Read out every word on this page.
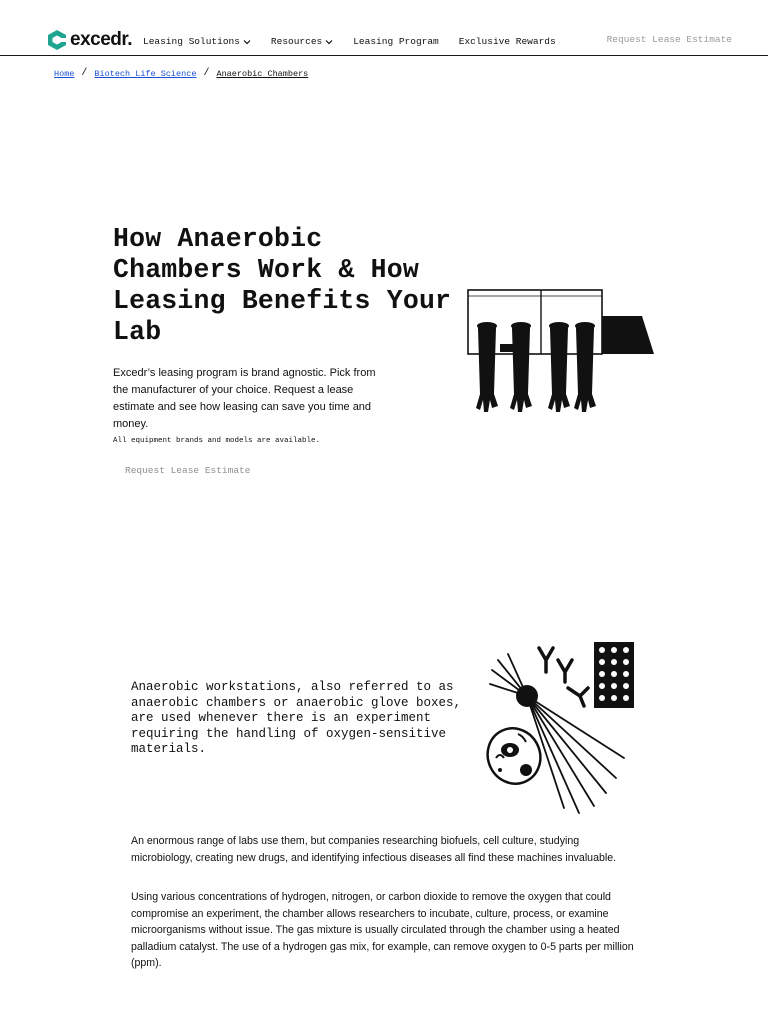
excedr. Leasing Solutions	Resources	Leasing Program Exclusive Rewards	Request Lease Estimate
Home / Biotech Life Science / Anaerobic Chambers
How Anaerobic Chambers Work & How Leasing Benefits Your Lab

Excedr’s leasing program is brand agnostic. Pick from the manufacturer of your choice. Request a lease estimate and see how leasing can save you time and money.

All equipment brands and models are available.

Request Lease Estimate

Anaerobic workstations, also referred to as anaerobic chambers or anaerobic glove boxes, are used whenever there is an experiment requiring the handling of oxygen-sensitive materials.

An enormous range of labs use them, but companies researching biofuels, cell culture, studying microbiology, creating new drugs, and identifying infectious diseases all find these machines invaluable.

Using various concentrations of hydrogen, nitrogen, or carbon dioxide to remove the oxygen that could compromise an experiment, the chamber allows researchers to incubate, culture, process, or examine microorganisms without issue. The gas mixture is usually circulated through the chamber using a heated palladium catalyst. The use of a hydrogen gas mix, for example, can remove oxygen to 0-5 parts per million (ppm).
